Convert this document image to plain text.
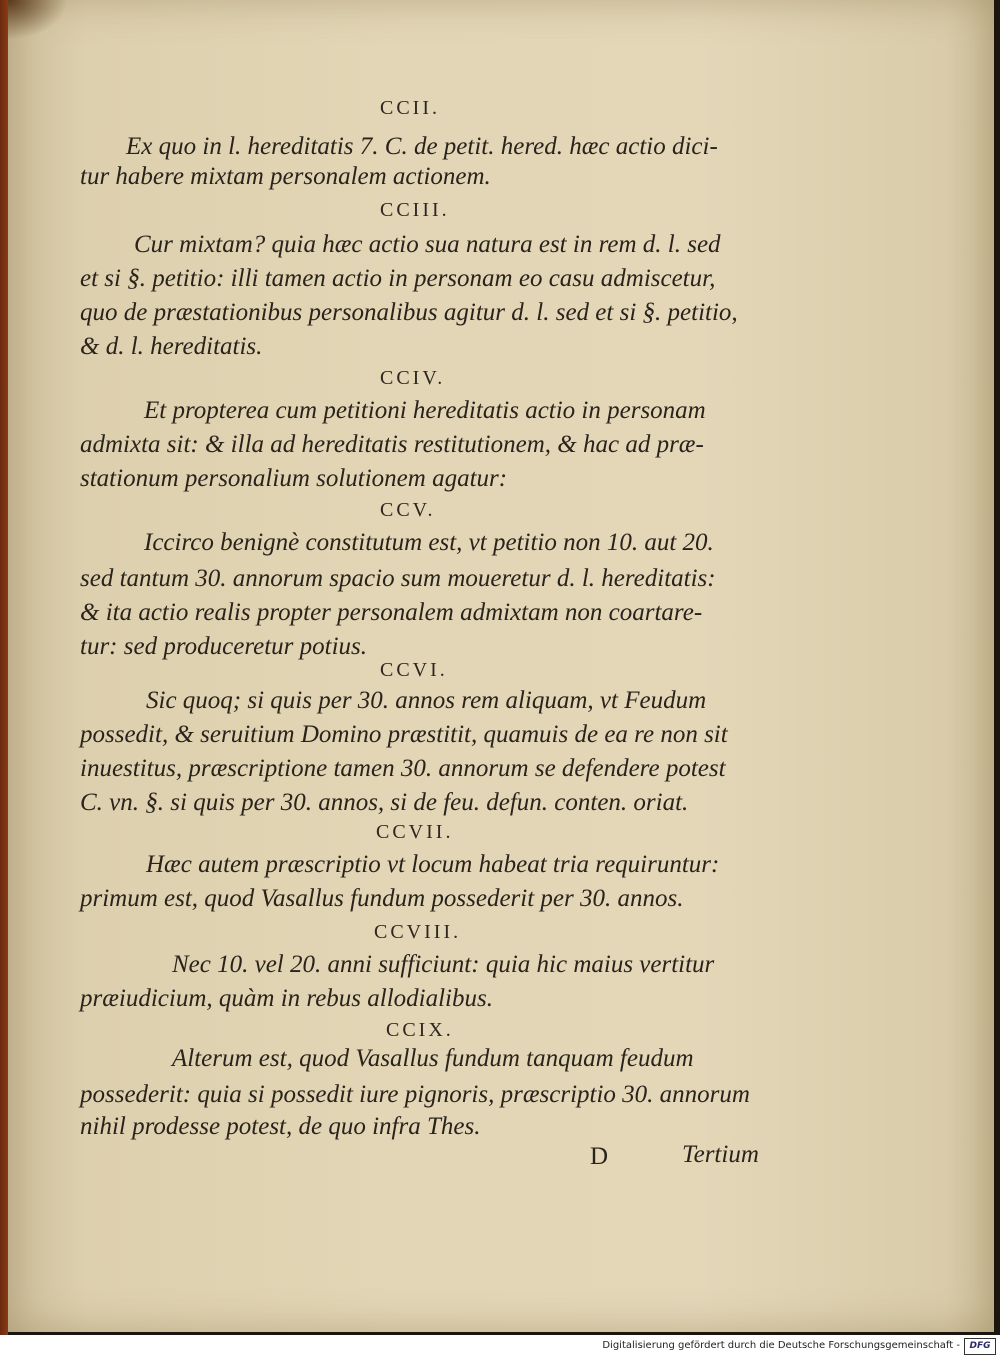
CCII.
Ex quo in l. hereditatis 7. C. de petit. hered. hæc actio dici-
tur habere mixtam personalem actionem.
CCIII.
Cur mixtam? quia hæc actio sua natura est in rem d. l. sed
et si §. petitio: illi tamen actio in personam eo casu admiscetur,
quo de præstationibus personalibus agitur d. l. sed et si §. petitio,
& d. l. hereditatis.
CCIV.
Et propterea cum petitioni hereditatis actio in personam
admixta sit: & illa ad hereditatis restitutionem, & hac ad præ-
stationum personalium solutionem agatur:
CCV.
Iccirco benignè constitutum est, vt petitio non 10. aut 20.
sed tantum 30. annorum spacio sum moueretur d. l. hereditatis:
& ita actio realis propter personalem admixtam non coartare-
tur: sed produceretur potius.
CCVI.
Sic quoq; si quis per 30. annos rem aliquam, vt Feudum
possedit, & seruitium Domino præstitit, quamuis de ea re non sit
inuestitus, præscriptione tamen 30. annorum se defendere potest
C. vn. §. si quis per 30. annos, si de feu. defun. conten. oriat.
CCVII.
Hæc autem præscriptio vt locum habeat tria requiruntur:
primum est, quod Vasallus fundum possederit per 30. annos.
CCVIII.
Nec 10. vel 20. anni sufficiunt: quia hic maius vertitur
præiudicium, quàm in rebus allodialibus.
CCIX.
Alterum est, quod Vasallus fundum tanquam feudum
possederit: quia si possedit iure pignoris, præscriptio 30. annorum
nihil prodesse potest, de quo infra Thes.
D	Tertium
Digitalisierung gefördert durch die Deutsche Forschungsgemeinschaft -	DFG
